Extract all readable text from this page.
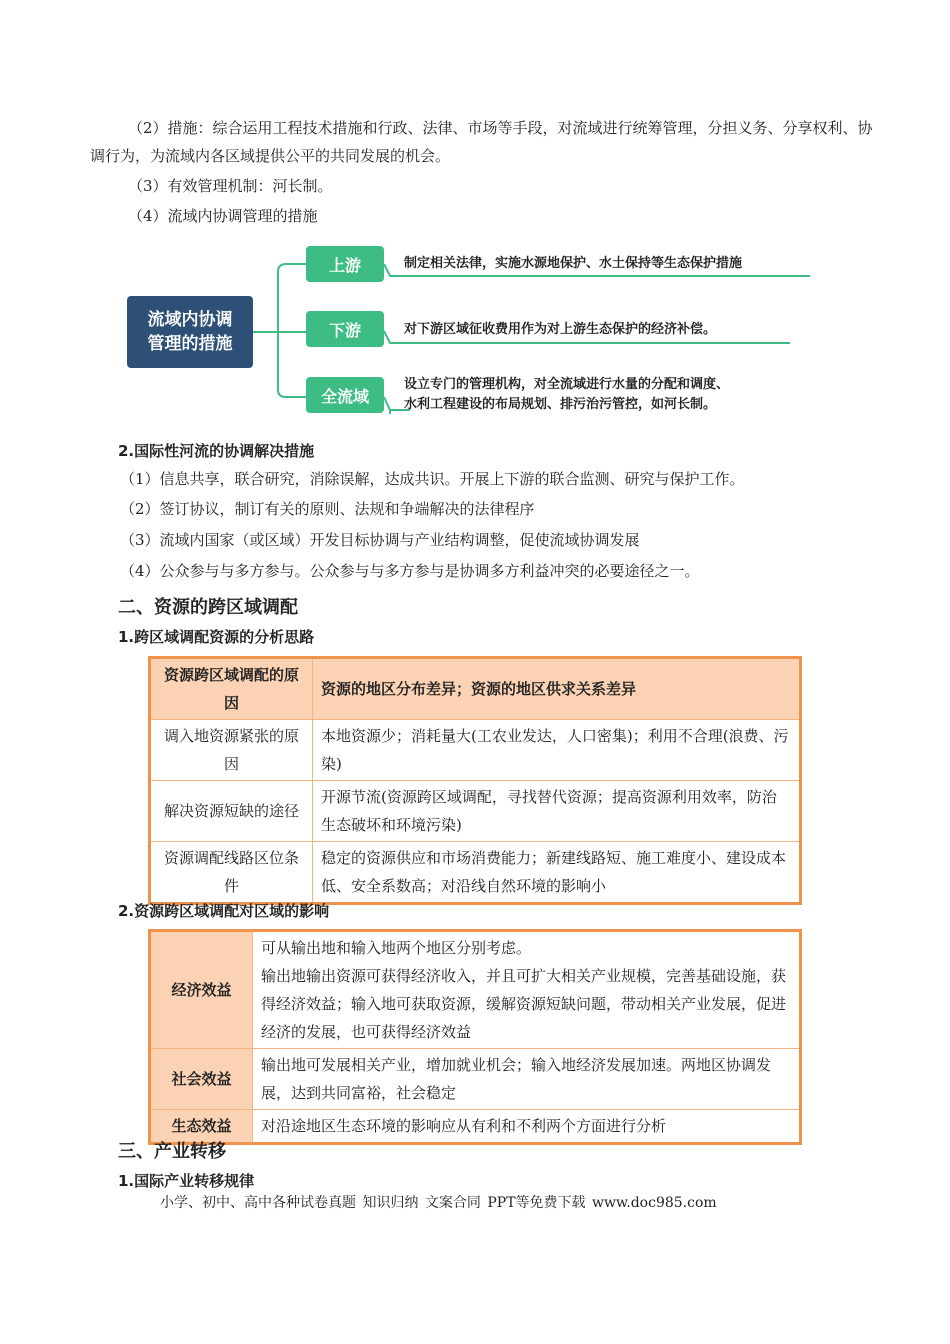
（2）措施：综合运用工程技术措施和行政、法律、市场等手段，对流域进行统筹管理，分担义务、分享权利、协调行为，为流域内各区域提供公平的共同发展的机会。

（3）有效管理机制：河长制。

（4）流域内协调管理的措施

流域内协调
管理的措施
上游	制定相关法律，实施水源地保护、水土保持等生态保护措施
下游	对下游区域征收费用作为对上游生态保护的经济补偿。
全流域
设立专门的管理机构，对全流域进行水量的分配和调度、
水利工程建设的布局规划、排污治污管控，如河长制。

2.国际性河流的协调解决措施

（1）信息共享，联合研究，消除误解，达成共识。开展上下游的联合监测、研究与保护工作。

（2）签订协议，制订有关的原则、法规和争端解决的法律程序

（3）流域内国家（或区域）开发目标协调与产业结构调整，促使流域协调发展

（4）公众参与与多方参与。公众参与与多方参与是协调多方利益冲突的必要途径之一。

二、资源的跨区域调配

1.跨区域调配资源的分析思路

资源跨区域调配的原因	资源的地区分布差异；资源的地区供求关系差异
调入地资源紧张的原因	本地资源少；消耗量大(工农业发达，人口密集)；利用不合理(浪费、污染)
解决资源短缺的途径	开源节流(资源跨区域调配，寻找替代资源；提高资源利用效率，防治生态破坏和环境污染)
资源调配线路区位条件	稳定的资源供应和市场消费能力；新建线路短、施工难度小、建设成本低、安全系数高；对沿线自然环境的影响小

2.资源跨区域调配对区域的影响

经济效益	可从输出地和输入地两个地区分别考虑。
输出地输出资源可获得经济收入，并且可扩大相关产业规模，完善基础设施，获得经济效益；输入地可获取资源，缓解资源短缺问题，带动相关产业发展，促进经济的发展，也可获得经济效益
社会效益	输出地可发展相关产业，增加就业机会；输入地经济发展加速。两地区协调发展，达到共同富裕，社会稳定
生态效益	对沿途地区生态环境的影响应从有利和不利两个方面进行分析

三、产业转移

1.国际产业转移规律

小学、初中、高中各种试卷真题 知识归纳 文案合同 PPT等免费下载 www.doc985.com
